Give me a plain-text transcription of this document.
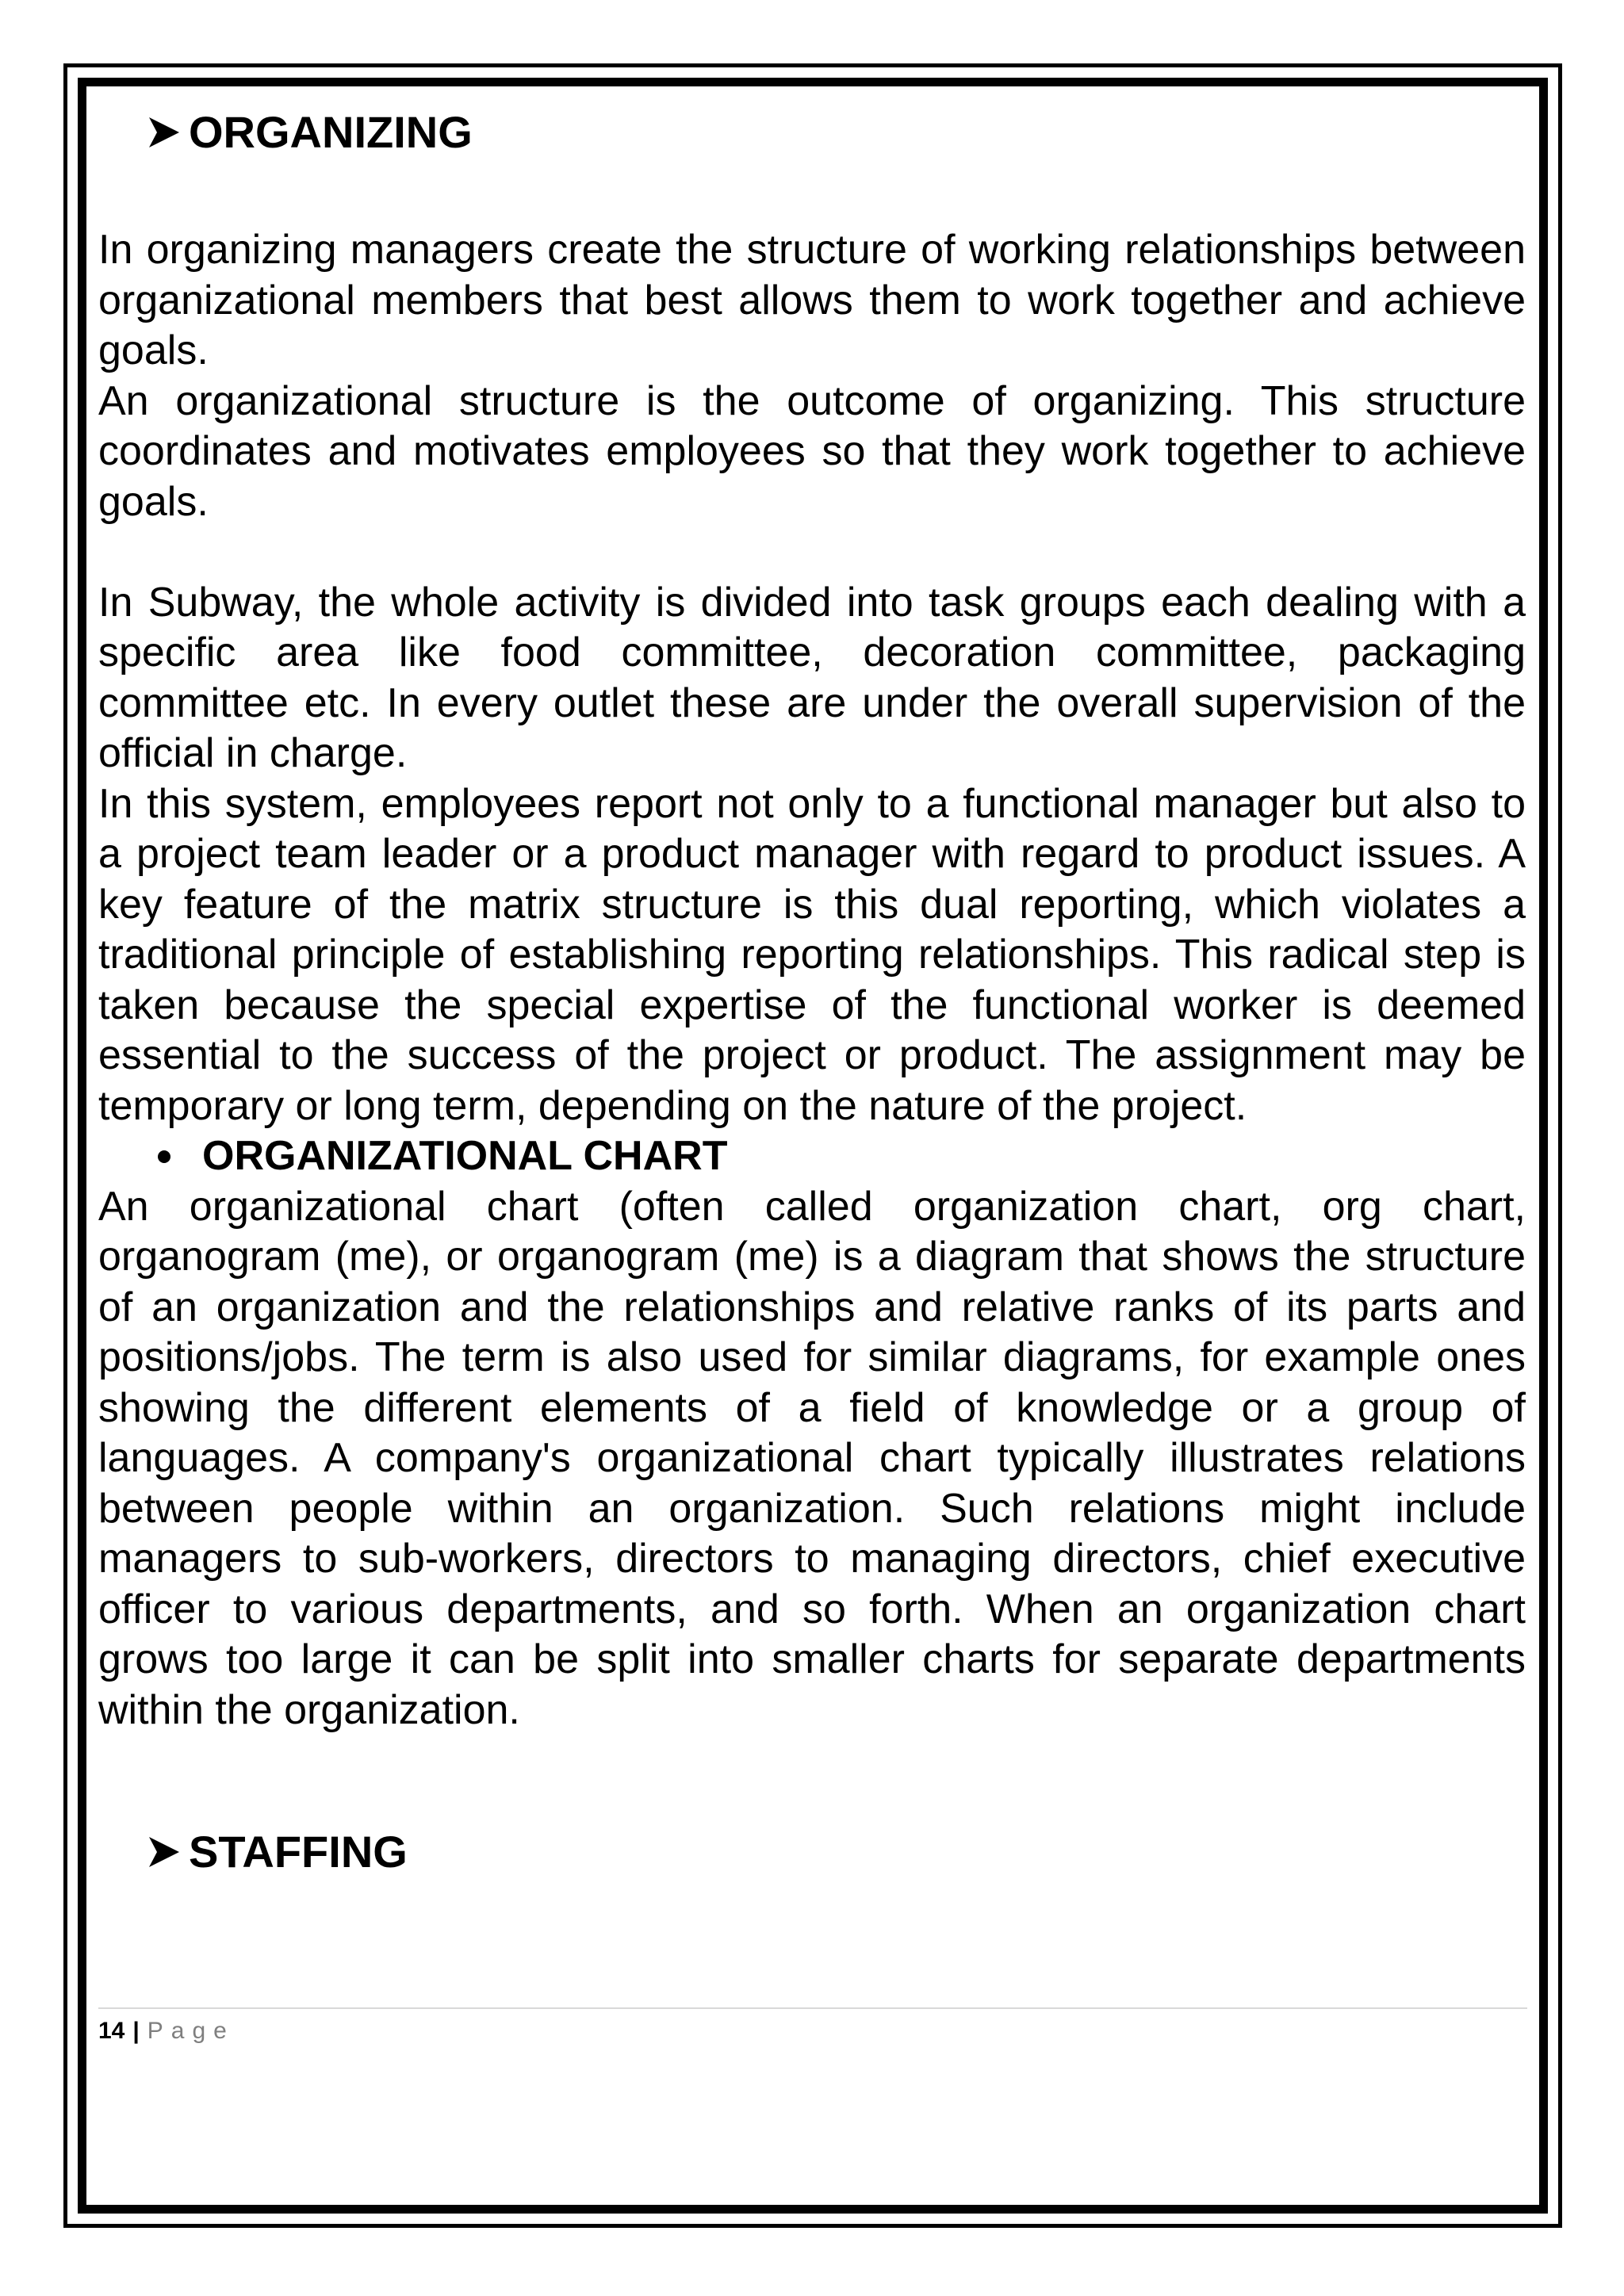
ORGANIZING

In organizing managers create the structure of working relationships between organizational members that best allows them to work together and achieve goals.

An organizational structure is the outcome of organizing. This structure coordinates and motivates employees so that they work together to achieve goals.

In Subway, the whole activity is divided into task groups each dealing with a specific area like food committee, decoration committee, packaging committee etc. In every outlet these are under the overall supervision of the official in charge.

In this system, employees report not only to a functional manager but also to a project team leader or a product manager with regard to product issues. A key feature of the matrix structure is this dual reporting, which violates a traditional principle of establishing reporting relationships. This radical step is taken because the special expertise of the functional worker is deemed essential to the success of the project or product. The assignment may be temporary or long term, depending on the nature of the project.

ORGANIZATIONAL CHART

An organizational chart (often called organization chart, org chart, organogram (me), or organogram (me) is a diagram that shows the structure of an organization and the relationships and relative ranks of its parts and positions/jobs. The term is also used for similar diagrams, for example ones showing the different elements of a field of knowledge or a group of languages. A company's organizational chart typically illustrates relations between people within an organization. Such relations might include managers to sub-workers, directors to managing directors, chief executive officer to various departments, and so forth. When an organization chart grows too large it can be split into smaller charts for separate departments within the organization.

STAFFING
14 | Page
